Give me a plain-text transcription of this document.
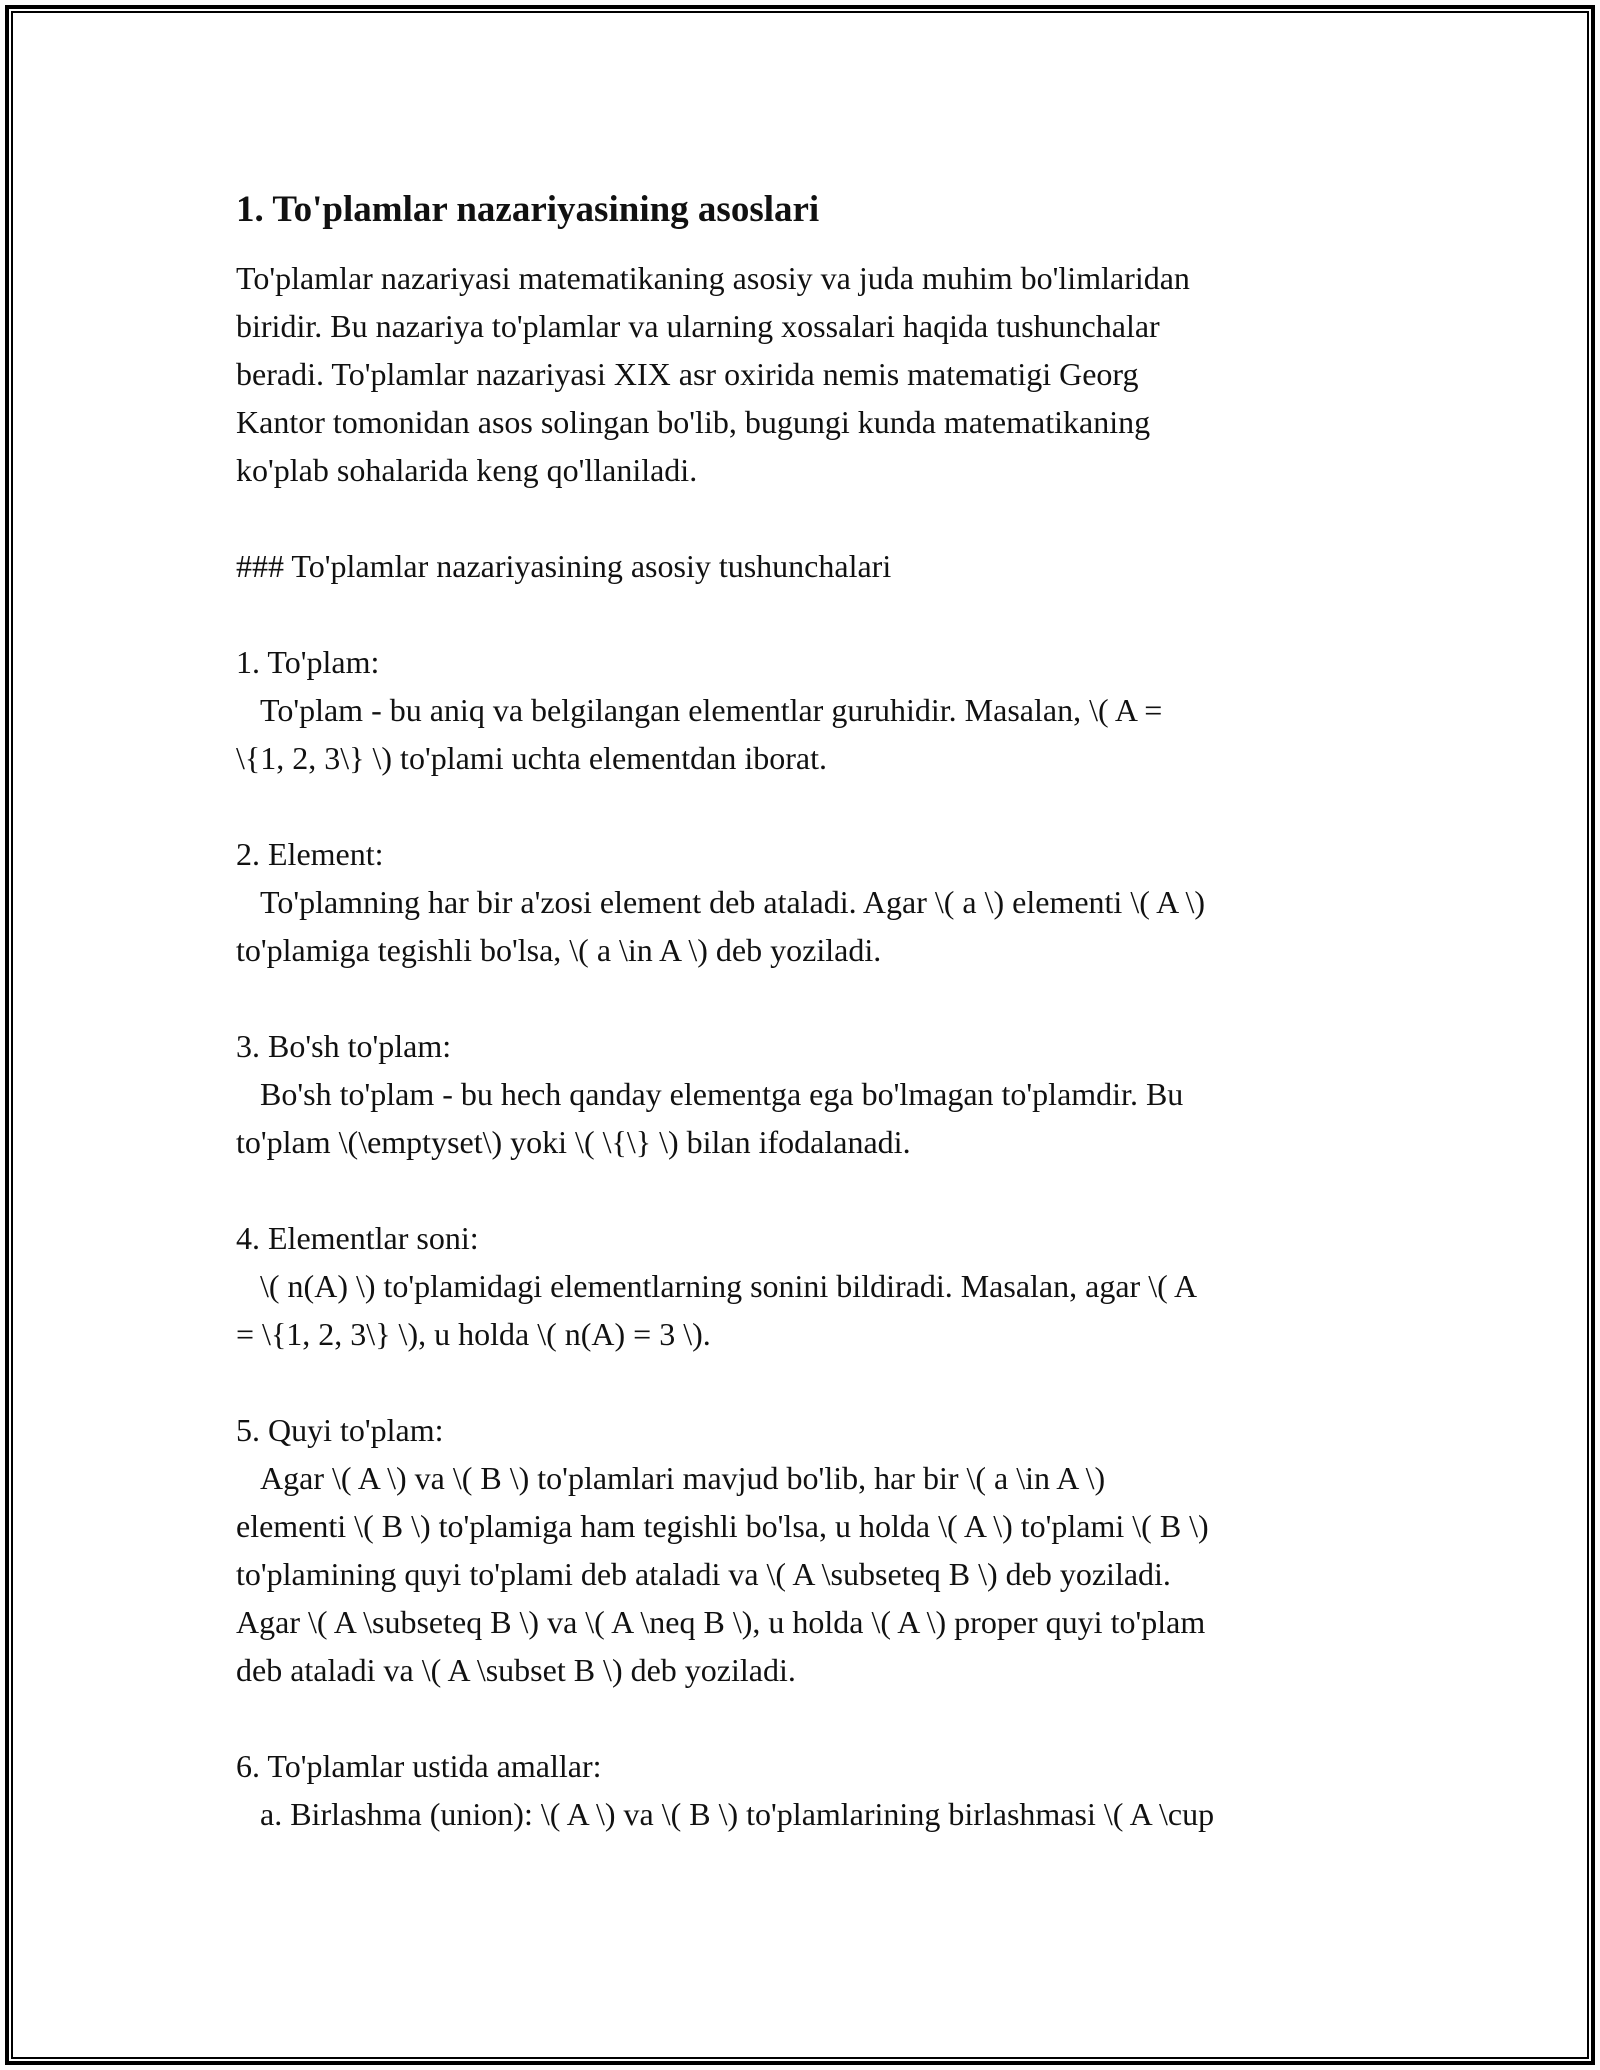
1. To'plamlar nazariyasining asoslari

To'plamlar nazariyasi matematikaning asosiy va juda muhim bo'limlaridan
biridir. Bu nazariya to'plamlar va ularning xossalari haqida tushunchalar
beradi. To'plamlar nazariyasi XIX asr oxirida nemis matematigi Georg
Kantor tomonidan asos solingan bo'lib, bugungi kunda matematikaning
ko'plab sohalarida keng qo'llaniladi.

### To'plamlar nazariyasining asosiy tushunchalari

1. To'plam:
To'plam - bu aniq va belgilangan elementlar guruhidir. Masalan, \( A =
\{1, 2, 3\} \) to'plami uchta elementdan iborat.

2. Element:
To'plamning har bir a'zosi element deb ataladi. Agar \( a \) elementi \( A \)
to'plamiga tegishli bo'lsa, \( a \in A \) deb yoziladi.

3. Bo'sh to'plam:
Bo'sh to'plam - bu hech qanday elementga ega bo'lmagan to'plamdir. Bu
to'plam \(\emptyset\) yoki \( \{\} \) bilan ifodalanadi.

4. Elementlar soni:
\( n(A) \) to'plamidagi elementlarning sonini bildiradi. Masalan, agar \( A
= \{1, 2, 3\} \), u holda \( n(A) = 3 \).

5. Quyi to'plam:
Agar \( A \) va \( B \) to'plamlari mavjud bo'lib, har bir \( a \in A \)
elementi \( B \) to'plamiga ham tegishli bo'lsa, u holda \( A \) to'plami \( B \)
to'plamining quyi to'plami deb ataladi va \( A \subseteq B \) deb yoziladi.
Agar \( A \subseteq B \) va \( A \neq B \), u holda \( A \) proper quyi to'plam
deb ataladi va \( A \subset B \) deb yoziladi.

6. To'plamlar ustida amallar:
a. Birlashma (union): \( A \) va \( B \) to'plamlarining birlashmasi \( A \cup
